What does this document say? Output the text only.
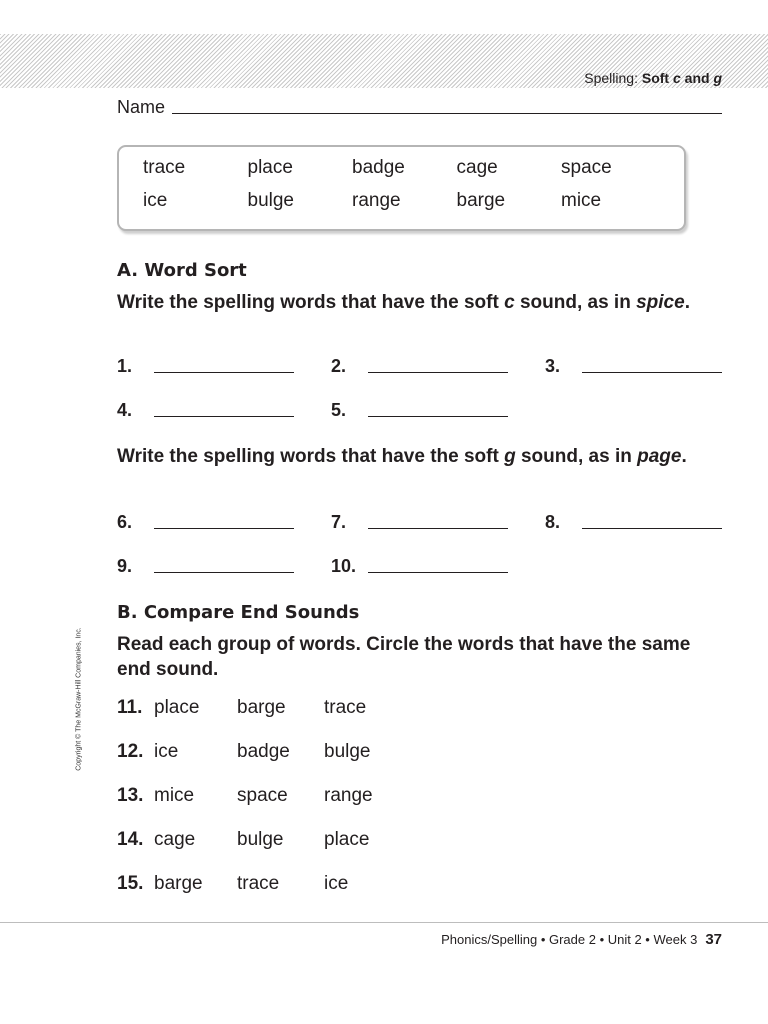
Spelling: Soft c and g
Name
trace	place	badge	cage	space
ice	bulge	range	barge	mice
A. Word Sort
Write the spelling words that have the soft c sound, as in spice.
1.	2.	3.
4.	5.
Write the spelling words that have the soft g sound, as in page.
6.	7.	8.
9.	10.
B. Compare End Sounds
Read each group of words. Circle the words that have the same end sound.
11. place barge trace
12. ice	badge bulge
13. mice space range
14. cage bulge place
15. barge trace ice
Copyright © The McGraw-Hill Companies, Inc.
Phonics/Spelling • Grade 2 • Unit 2 • Week 3 37
